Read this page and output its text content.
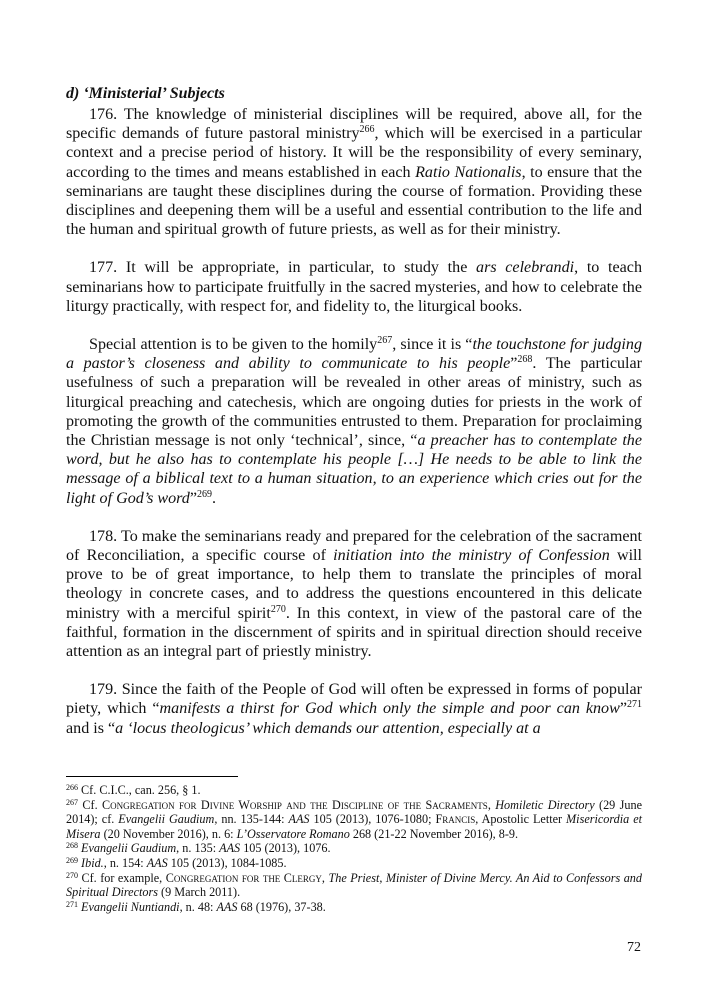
d) ‘Ministerial’ Subjects

176. The knowledge of ministerial disciplines will be required, above all, for the specific demands of future pastoral ministry$^{266}$, which will be exercised in a particular context and a precise period of history. It will be the responsibility of every seminary, according to the times and means established in each Ratio Nationalis, to ensure that the seminarians are taught these disciplines during the course of formation. Providing these disciplines and deepening them will be a useful and essential contribution to the life and the human and spiritual growth of future priests, as well as for their ministry.

177. It will be appropriate, in particular, to study the ars celebrandi, to teach seminarians how to participate fruitfully in the sacred mysteries, and how to celebrate the liturgy practically, with respect for, and fidelity to, the liturgical books.

Special attention is to be given to the homily$^{267}$, since it is “the touchstone for judging a pastor’s closeness and ability to communicate to his people”$^{268}$. The particular usefulness of such a preparation will be revealed in other areas of ministry, such as liturgical preaching and catechesis, which are ongoing duties for priests in the work of promoting the growth of the communities entrusted to them. Preparation for proclaiming the Christian message is not only ‘technical’, since, “a preacher has to contemplate the word, but he also has to contemplate his people […] He needs to be able to link the message of a biblical text to a human situation, to an experience which cries out for the light of God’s word”$^{269}$.

178. To make the seminarians ready and prepared for the celebration of the sacrament of Reconciliation, a specific course of initiation into the ministry of Confession will prove to be of great importance, to help them to translate the principles of moral theology in concrete cases, and to address the questions encountered in this delicate ministry with a merciful spirit$^{270}$. In this context, in view of the pastoral care of the faithful, formation in the discernment of spirits and in spiritual direction should receive attention as an integral part of priestly ministry.

179. Since the faith of the People of God will often be expressed in forms of popular piety, which “manifests a thirst for God which only the simple and poor can know”$^{271}$ and is “a ‘locus theologicus’ which demands our attention, especially at a

$^{266}$ Cf. C.I.C., can. 256, § 1.
$^{267}$ Cf. Congregation for Divine Worship and the Discipline of the Sacraments, Homiletic Directory (29 June 2014); cf. Evangelii Gaudium, nn. 135-144: AAS 105 (2013), 1076-1080; Francis, Apostolic Letter Misericordia et Misera (20 November 2016), n. 6: L’Osservatore Romano 268 (21-22 November 2016), 8-9.
$^{268}$ Evangelii Gaudium, n. 135: AAS 105 (2013), 1076.
$^{269}$ Ibid., n. 154: AAS 105 (2013), 1084-1085.
$^{270}$ Cf. for example, Congregation for the Clergy, The Priest, Minister of Divine Mercy. An Aid to Confessors and Spiritual Directors (9 March 2011).
$^{271}$ Evangelii Nuntiandi, n. 48: AAS 68 (1976), 37-38.
72
